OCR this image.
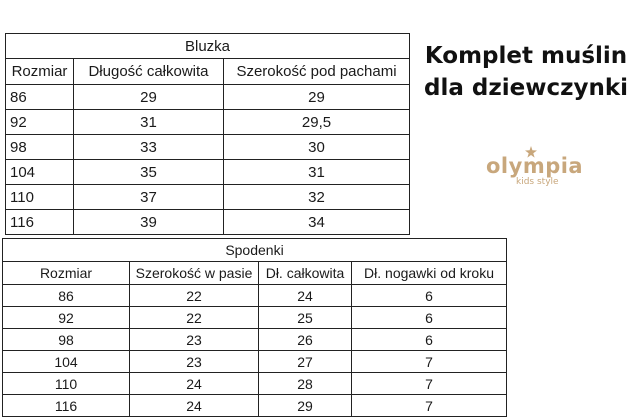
Bluzka		
Rozmiar	Długość całkowita	Szerokość pod pachami
86	29	29
92	31	29,5
98	33	30
104	35	31
110	37	32
116	39	34
Komplet muślin
dla dziewczynki
olympia
kids style
Spodenki			
Rozmiar	Szerokość w pasie	Dł. całkowita	Dł. nogawki od kroku
86	22	24	6
92	22	25	6
98	23	26	6
104	23	27	7
110	24	28	7
116	24	29	7
